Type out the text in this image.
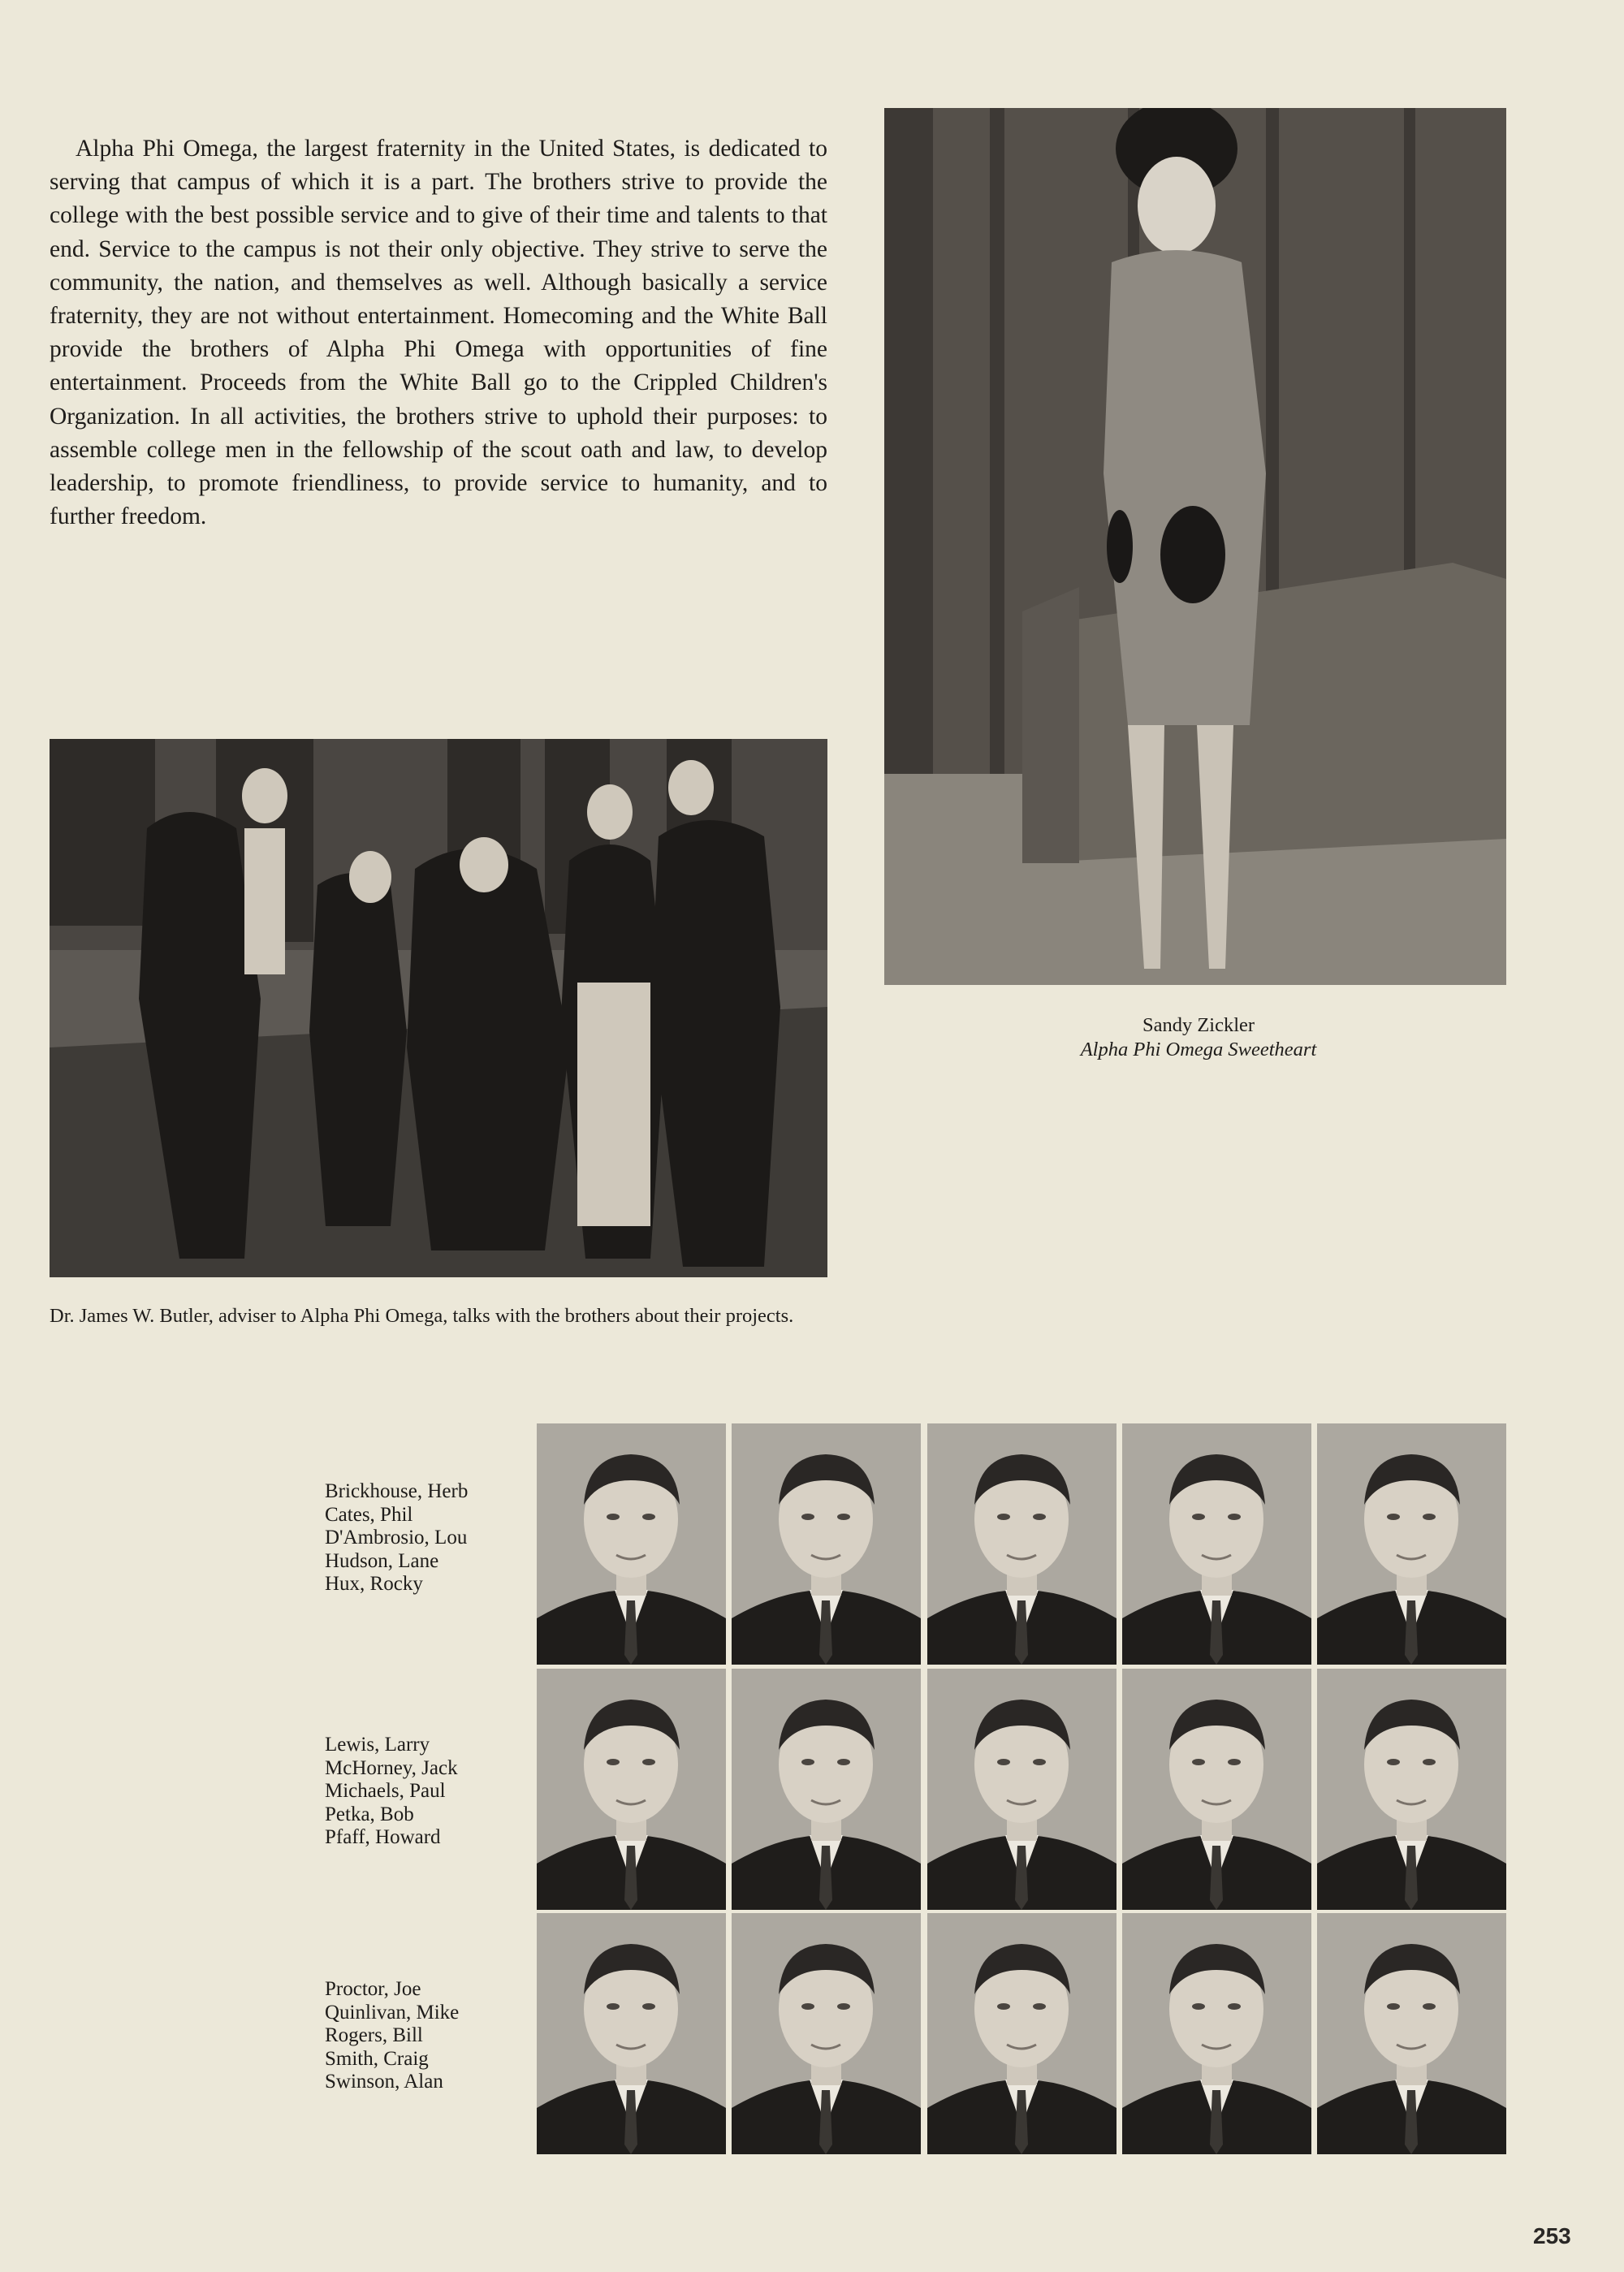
Alpha Phi Omega, the largest fraternity in the United States, is dedicated to serving that campus of which it is a part. The brothers strive to provide the college with the best possible service and to give of their time and talents to that end. Service to the campus is not their only objective. They strive to serve the community, the nation, and themselves as well. Although basically a service fraternity, they are not without entertainment. Homecoming and the White Ball provide the brothers of Alpha Phi Omega with opportunities of fine entertainment. Proceeds from the White Ball go to the Crippled Children's Organization. In all activities, the brothers strive to uphold their purposes: to assemble college men in the fellowship of the scout oath and law, to develop leadership, to promote friendliness, to provide service to humanity, and to further freedom.

Sandy Zickler

Alpha Phi Omega Sweetheart

Dr. James W. Butler, adviser to Alpha Phi Omega, talks with the brothers about their projects.

Brickhouse, Herb
Cates, Phil
D'Ambrosio, Lou
Hudson, Lane
Hux, Rocky
Lewis, Larry
McHorney, Jack
Michaels, Paul
Petka, Bob
Pfaff, Howard
Proctor, Joe
Quinlivan, Mike
Rogers, Bill
Smith, Craig
Swinson, Alan
253
